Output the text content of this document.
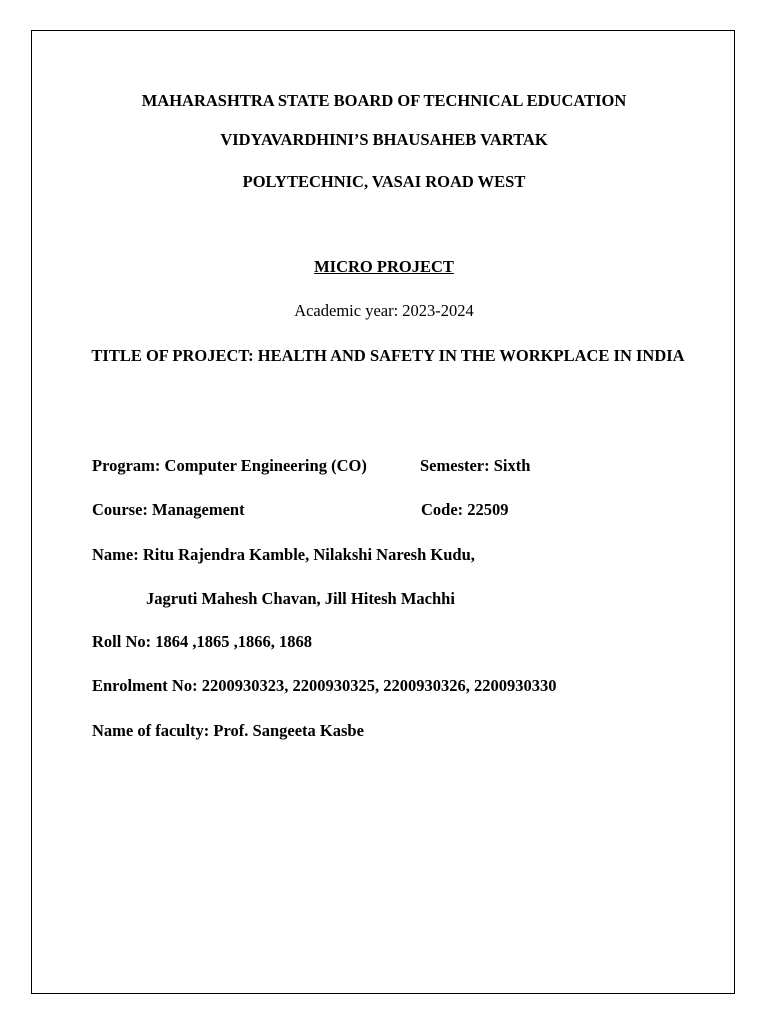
MAHARASHTRA STATE BOARD OF TECHNICAL EDUCATION
VIDYAVARDHINI’S BHAUSAHEB VARTAK
POLYTECHNIC, VASAI ROAD WEST
MICRO PROJECT
Academic year: 2023-2024
TITLE OF PROJECT: HEALTH AND SAFETY IN THE WORKPLACE IN INDIA
Program: Computer Engineering (CO)	Semester: Sixth
Course: Management	Code: 22509
Name: Ritu Rajendra Kamble, Nilakshi Naresh Kudu,
Jagruti Mahesh Chavan, Jill Hitesh Machhi
Roll No: 1864 ,1865 ,1866, 1868
Enrolment No: 2200930323, 2200930325, 2200930326, 2200930330
Name of faculty: Prof. Sangeeta Kasbe
